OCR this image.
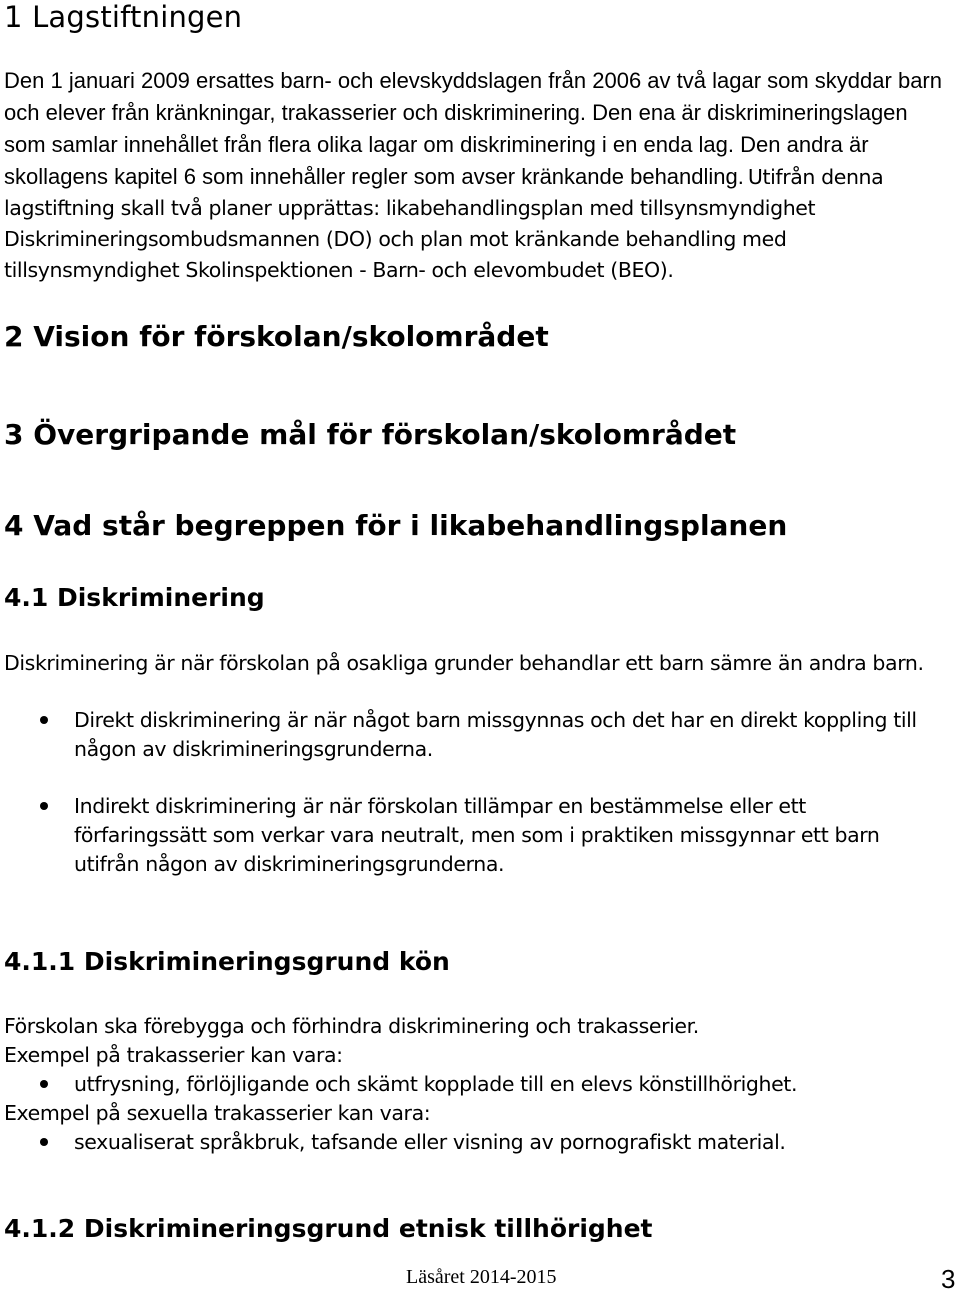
1 Lagstiftningen

Den 1 januari 2009 ersattes barn- och elevskyddslagen från 2006 av två lagar som skyddar barn och elever från kränkningar, trakasserier och diskriminering. Den ena är diskrimineringslagen som samlar innehållet från flera olika lagar om diskriminering i en enda lag. Den andra är skollagens kapitel 6 som innehåller regler som avser kränkande behandling. Utifrån denna lagstiftning skall två planer upprättas: likabehandlingsplan med tillsynsmyndighet Diskrimineringsombudsmannen (DO) och plan mot kränkande behandling med tillsynsmyndighet Skolinspektionen - Barn- och elevombudet (BEO).

2 Vision för förskolan/skolområdet
3 Övergripande mål för förskolan/skolområdet
4 Vad står begreppen för i likabehandlingsplanen
4.1 Diskriminering

Diskriminering är när förskolan på osakliga grunder behandlar ett barn sämre än andra barn.

Direkt diskriminering är när något barn missgynnas och det har en direkt koppling till någon av diskrimineringsgrunderna.
Indirekt diskriminering är när förskolan tillämpar en bestämmelse eller ett förfaringssätt som verkar vara neutralt, men som i praktiken missgynnar ett barn utifrån någon av diskrimineringsgrunderna.
4.1.1 Diskrimineringsgrund kön

Förskolan ska förebygga och förhindra diskriminering och trakasserier.

Exempel på trakasserier kan vara:

utfrysning, förlöjligande och skämt kopplade till en elevs könstillhörighet.

Exempel på sexuella trakasserier kan vara:

sexualiserat språkbruk, tafsande eller visning av pornografiskt material.
4.1.2 Diskrimineringsgrund etnisk tillhörighet
Läsåret 2014-2015	3
